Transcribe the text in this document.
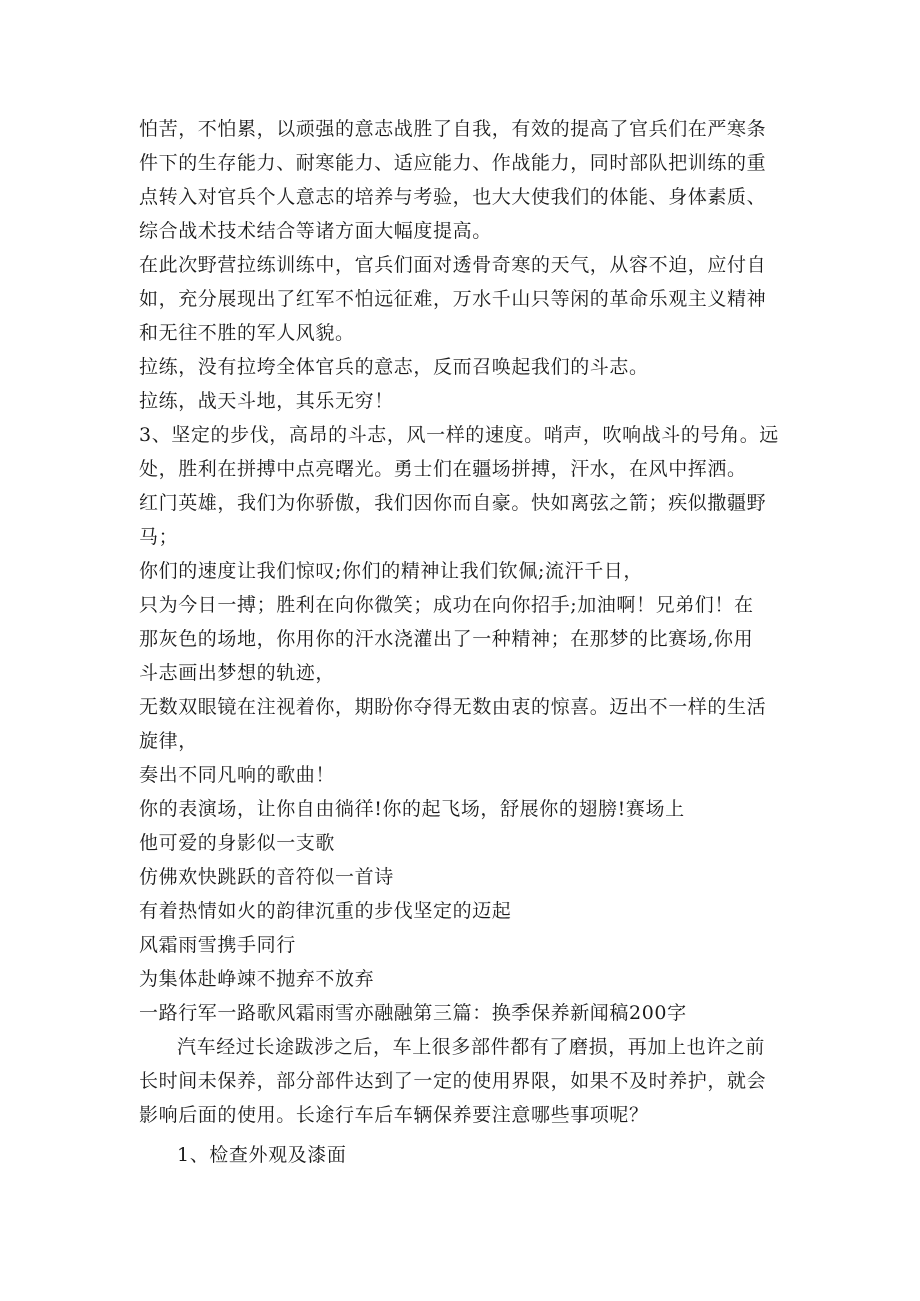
怕苦，不怕累，以顽强的意志战胜了自我，有效的提高了官兵们在严寒条
件下的生存能力、耐寒能力、适应能力、作战能力，同时部队把训练的重
点转入对官兵个人意志的培养与考验，也大大使我们的体能、身体素质、
综合战术技术结合等诸方面大幅度提高。
在此次野营拉练训练中，官兵们面对透骨奇寒的天气，从容不迫，应付自
如，充分展现出了红军不怕远征难，万水千山只等闲的革命乐观主义精神
和无往不胜的军人风貌。
拉练，没有拉垮全体官兵的意志，反而召唤起我们的斗志。
拉练，战天斗地，其乐无穷！
3、坚定的步伐，高昂的斗志，风一样的速度。哨声，吹响战斗的号角。远
处，胜利在拼搏中点亮曙光。勇士们在疆场拼搏，汗水，在风中挥洒。
红门英雄，我们为你骄傲，我们因你而自豪。快如离弦之箭；疾似撒疆野
马；
你们的速度让我们惊叹;你们的精神让我们钦佩;流汗千日，
只为今日一搏；胜利在向你微笑；成功在向你招手;加油啊！兄弟们！在
那灰色的场地，你用你的汗水浇灌出了一种精神；在那梦的比赛场,你用
斗志画出梦想的轨迹，
无数双眼镜在注视着你，期盼你夺得无数由衷的惊喜。迈出不一样的生活
旋律，
奏出不同凡响的歌曲！
你的表演场，让你自由徜徉!你的起飞场，舒展你的翅膀!赛场上
他可爱的身影似一支歌
仿佛欢快跳跃的音符似一首诗
有着热情如火的韵律沉重的步伐坚定的迈起
风霜雨雪携手同行
为集体赴峥竦不抛弃不放弃
一路行军一路歌风霜雨雪亦融融第三篇：换季保养新闻稿200字
汽车经过长途跋涉之后，车上很多部件都有了磨损，再加上也许之前
长时间未保养，部分部件达到了一定的使用界限，如果不及时养护，就会
影响后面的使用。长途行车后车辆保养要注意哪些事项呢？
1、检查外观及漆面
